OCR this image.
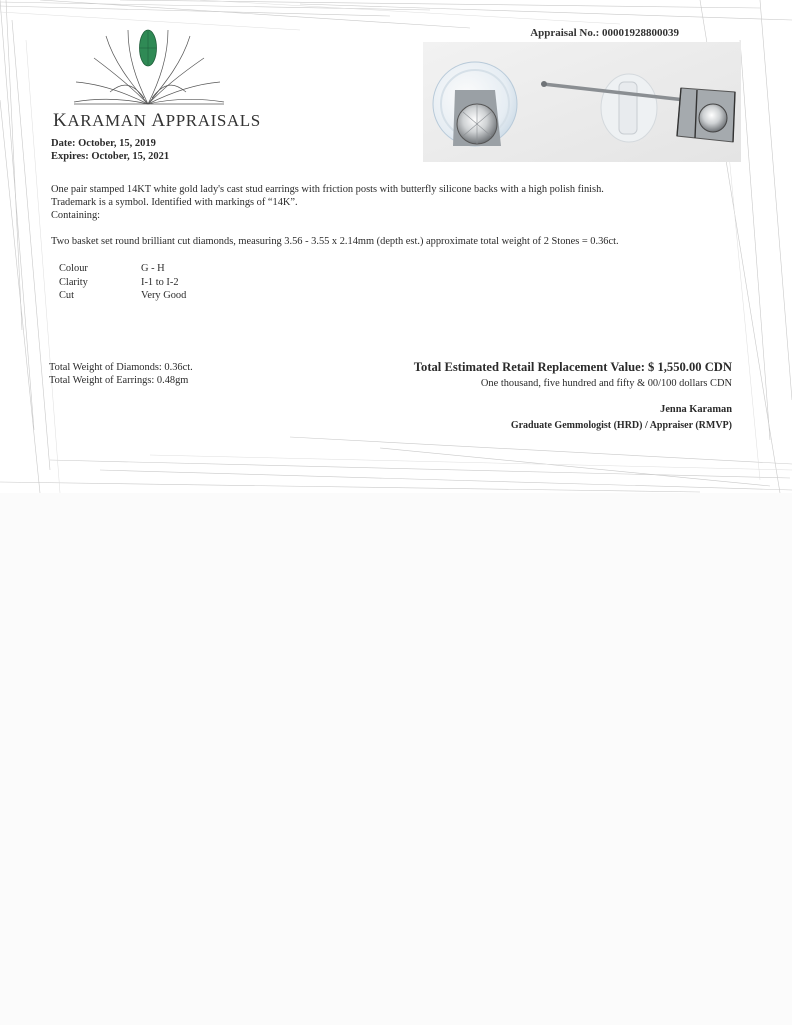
KARAMAN APPRAISALS
Date: October, 15, 2019
Expires: October, 15, 2021
Appraisal No.: 00001928800039
One pair stamped 14KT white gold lady's cast stud earrings with friction posts with butterfly silicone backs with a high polish finish.
Trademark is a symbol. Identified with markings of “14K”.
Containing:
Two basket set round brilliant cut diamonds, measuring 3.56 - 3.55 x 2.14mm (depth est.) approximate total weight of 2 Stones = 0.36ct.
Colour	G - H
Clarity	I-1 to I-2
Cut	Very Good
Total Weight of Diamonds: 0.36ct.
Total Weight of Earrings: 0.48gm
Total Estimated Retail Replacement Value: $ 1,550.00 CDN
One thousand, five hundred and fifty & 00/100 dollars CDN
Jenna Karaman
Graduate Gemmologist (HRD) / Appraiser (RMVP)
